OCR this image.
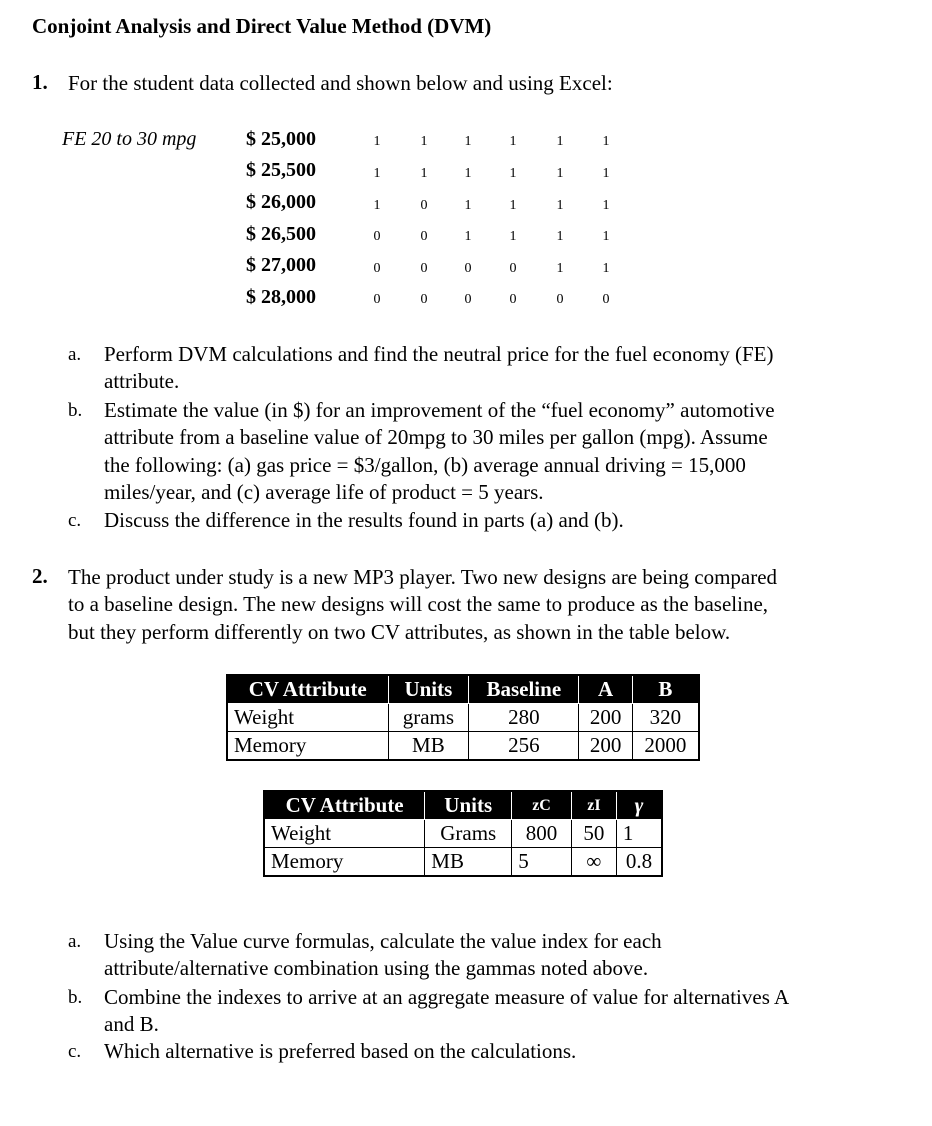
Conjoint Analysis and Direct Value Method (DVM)
1. For the student data collected and shown below and using Excel:
FE 20 to 30 mpg $ 25,000	1	1	1	1	1	1
$ 25,500	1	1	1	1	1	1
$ 26,000	1	0	1	1	1	1
$ 26,500	0	0	1	1	1	1
$ 27,000	0	0	0	0	1	1
$ 28,000	0	0	0	0	0	0
a.	Perform DVM calculations and find the neutral price for the fuel economy (FE)
attribute.
b. Estimate the value (in $) for an improvement of the “fuel economy” automotive
attribute from a baseline value of 20mpg to 30 miles per gallon (mpg). Assume
the following: (a) gas price = $3/gallon, (b) average annual driving = 15,000
miles/year, and (c) average life of product = 5 years.
c.	Discuss the difference in the results found in parts (a) and (b).
2. The product under study is a new MP3 player. Two new designs are being compared
to a baseline design. The new designs will cost the same to produce as the baseline,
but they perform differently on two CV attributes, as shown in the table below.
CV Attribute	Units	Baseline	A	B
Weight	grams	280	200	320
Memory	MB	256	200	2000
CV Attribute	Units	zC	zI	γ
Weight	Grams	800	50	1
Memory	MB	5	∞	0.8
a.	Using the Value curve formulas, calculate the value index for each
attribute/alternative combination using the gammas noted above.
b. Combine the indexes to arrive at an aggregate measure of value for alternatives A
and B.
c.	Which alternative is preferred based on the calculations.
